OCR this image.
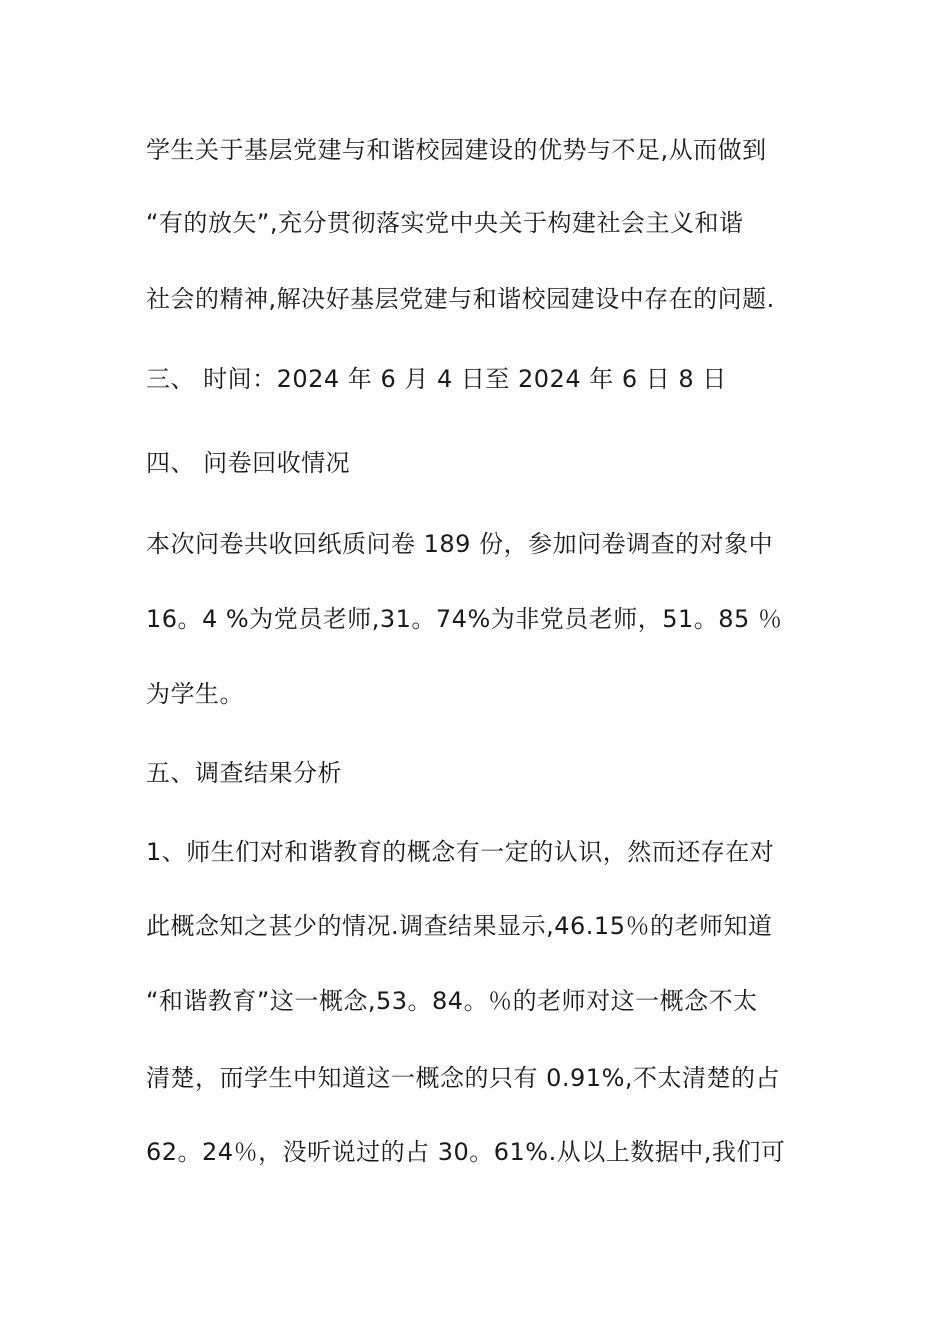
学生关于基层党建与和谐校园建设的优势与不足,从而做到
“有的放矢”,充分贯彻落实党中央关于构建社会主义和谐
社会的精神,解决好基层党建与和谐校园建设中存在的问题.
三、 时间：2024 年 6 月 4 日至 2024 年 6 日 8 日
四、 问卷回收情况
本次问卷共收回纸质问卷 189 份，参加问卷调查的对象中
16。4 %为党员老师,31。74%为非党员老师，51。85 ％
为学生。
五、调查结果分析
1、师生们对和谐教育的概念有一定的认识，然而还存在对
此概念知之甚少的情况.调查结果显示,46.15％的老师知道
“和谐教育”这一概念,53。84。％的老师对这一概念不太
清楚，而学生中知道这一概念的只有 0.91%,不太清楚的占
62。24％，没听说过的占 30。61%.从以上数据中,我们可
